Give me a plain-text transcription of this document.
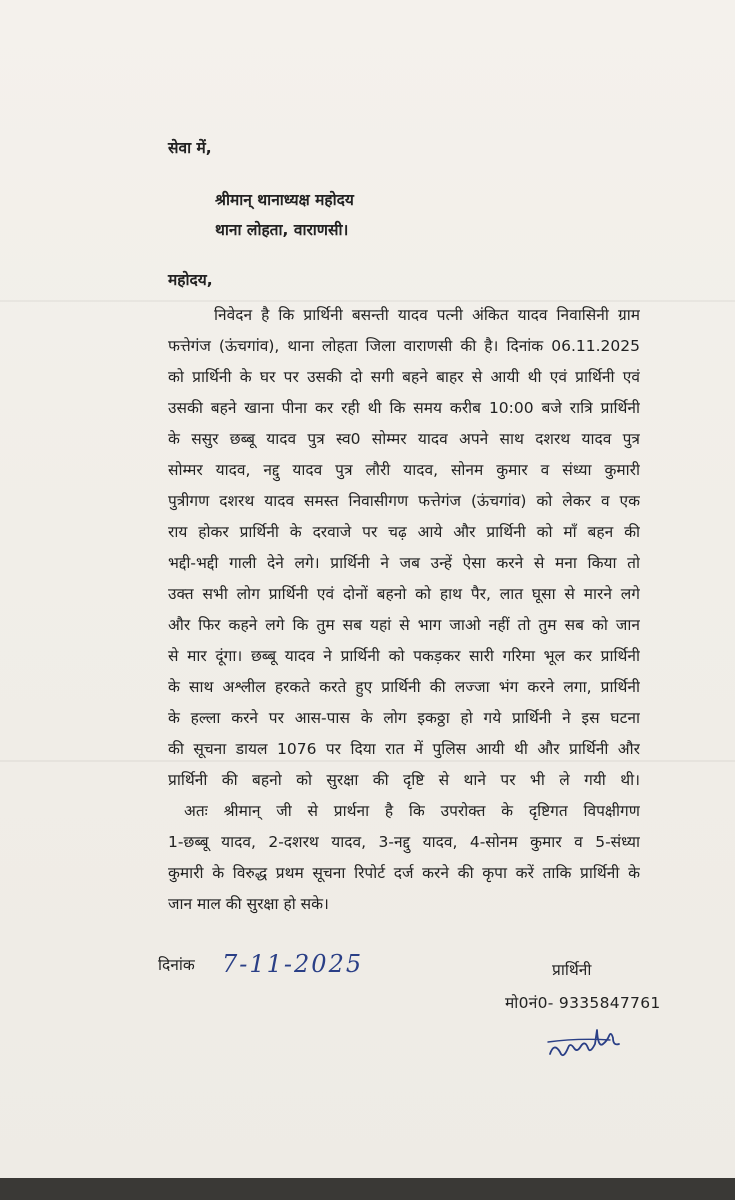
सेवा में,
श्रीमान् थानाध्यक्ष महोदय
थाना लोहता, वाराणसी।
महोदय,
निवेदन है कि प्रार्थिनी बसन्ती यादव पत्नी अंकित यादव निवासिनी ग्राम
फत्तेगंज (ऊंचगांव), थाना लोहता जिला वाराणसी की है। दिनांक 06.11.2025
को प्रार्थिनी के घर पर उसकी दो सगी बहने बाहर से आयी थी एवं प्रार्थिनी एवं
उसकी बहने खाना पीना कर रही थी कि समय करीब 10:00 बजे रात्रि प्रार्थिनी
के ससुर छब्बू यादव पुत्र स्व0 सोम्मर यादव अपने साथ दशरथ यादव पुत्र
सोम्मर यादव, नद्दु यादव पुत्र लौरी यादव, सोनम कुमार व संध्या कुमारी
पुत्रीगण दशरथ यादव समस्त निवासीगण फत्तेगंज (ऊंचगांव) को लेकर व एक
राय होकर प्रार्थिनी के दरवाजे पर चढ़ आये और प्रार्थिनी को माँ बहन की
भद्दी-भद्दी गाली देने लगे। प्रार्थिनी ने जब उन्हें ऐसा करने से मना किया तो
उक्त सभी लोग प्रार्थिनी एवं दोनों बहनो को हाथ पैर, लात घूसा से मारने लगे
और फिर कहने लगे कि तुम सब यहां से भाग जाओ नहीं तो तुम सब को जान
से मार दूंगा। छब्बू यादव ने प्रार्थिनी को पकड़कर सारी गरिमा भूल कर प्रार्थिनी
के साथ अश्लील हरकते करते हुए प्रार्थिनी की लज्जा भंग करने लगा, प्रार्थिनी
के हल्ला करने पर आस-पास के लोग इकठ्ठा हो गये प्रार्थिनी ने इस घटना
की सूचना डायल 1076 पर दिया रात में पुलिस आयी थी और प्रार्थिनी और
प्रार्थिनी की बहनो को सुरक्षा की दृष्टि से थाने पर भी ले गयी थी।
अतः श्रीमान् जी से प्रार्थना है कि उपरोक्त के दृष्टिगत विपक्षीगण
1-छब्बू यादव, 2-दशरथ यादव, 3-नद्दु यादव, 4-सोनम कुमार व 5-संध्या
कुमारी के विरुद्ध प्रथम सूचना रिपोर्ट दर्ज करने की कृपा करें ताकि प्रार्थिनी के
जान माल की सुरक्षा हो सके।
दिनांक 7-11-2025	प्रार्थिनी
मो0नं0- 9335847761
